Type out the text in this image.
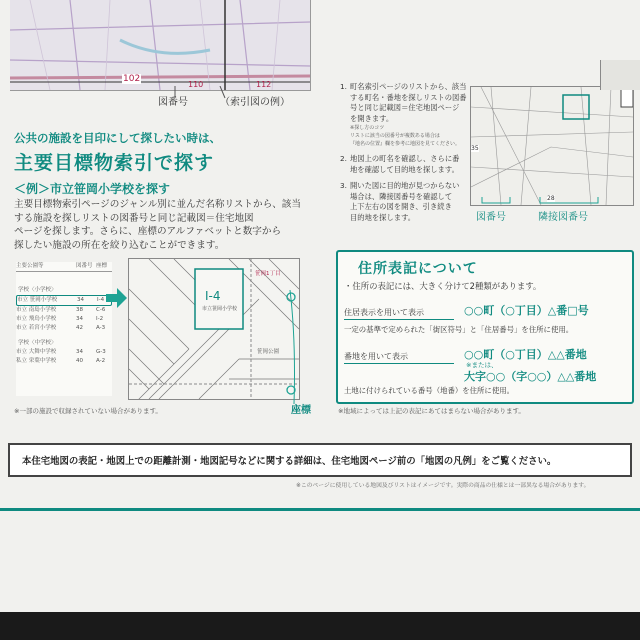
102
110	112
図番号	（索引図の例）
公共の施設を目印にして探したい時は、
主要目標物索引で探す
＜例＞市立笹岡小学校を探す
主要目標物索引ページのジャンル別に並んだ名称リストから、該当
する施設を探しリストの図番号と同じ記載図＝住宅地図
ページを探します。さらに、座標のアルファベットと数字から
探したい施設の所在を絞り込むことができます。
主要公園等	図番号 座標
学校〈小学校〉
市立 笹岡小学校	34	I-4
市立 南島小学校	38	C-6
市立 飛鳥小学校	34	I-2
市立 若宮小学校	42	A-3
学校〈中学校〉
市立 大舞中学校	34	G-3
私立 栄葉中学校	40	A-2
I-4
市立笹岡小学校
笹岡1丁目
笹岡公園
座標
※一部の施設で収録されていない場合があります。
1. 町名索引ページのリストから、該当
する町名・番地を探しリストの図番
号と同じ記載図＝住宅地図ページ
を開きます。
※探し方のコツ
リストに該当の図番号が複数ある場合は
『地名の位置』欄を参考に地図を見てください。
2. 地図上の町名を確認し、さらに番
地を確認して目的地を探します。
3. 開いた図に目的地が見つからない
場合は、隣接図番号を確認して
上下左右の図を開き、引き続き
目的地を探します。
35
28
図番号	隣接図番号
住所表記について
・住所の表記には、大きく分けて2種類があります。
住居表示を用いて表示	○○町（○丁目）△番□号
一定の基準で定められた「街区符号」と「住居番号」を住所に使用。
番地を用いて表示	○○町（○丁目）△△番地
※または、
大字○○（字○○）△△番地
土地に付けられている番号（地番）を住所に使用。
※地域によっては上記の表記にあてはまらない場合があります。
本住宅地図の表記・地図上での距離計測・地図記号などに関する詳細は、住宅地図ページ前の「地図の凡例」をご覧ください。
※このページに使用している地図及びリストはイメージです。実際の商品の仕様とは一部異なる場合があります。
